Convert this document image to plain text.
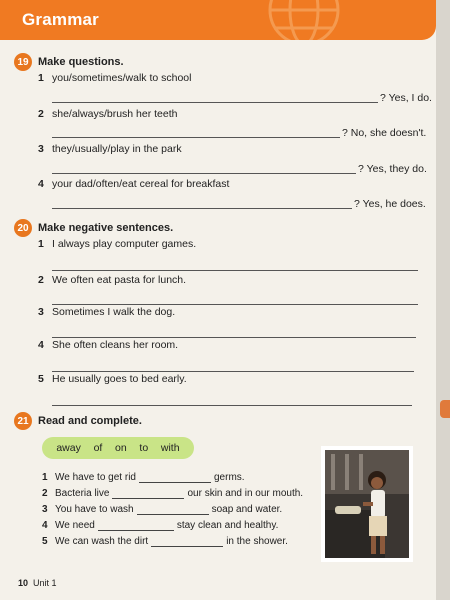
Grammar
19 Make questions.
1 you/sometimes/walk to school
? Yes, I do.
2 she/always/brush her teeth
? No, she doesn't.
3 they/usually/play in the park
? Yes, they do.
4 your dad/often/eat cereal for breakfast
? Yes, he does.
20 Make negative sentences.
1 I always play computer games.
2 We often eat pasta for lunch.
3 Sometimes I walk the dog.
4 She often cleans her room.
5 He usually goes to bed early.
21 Read and complete.
away of on to with
1 We have to get rid	germs.
2 Bacteria live	our skin and in our mouth.
3 You have to wash	soap and water.
4 We need	stay clean and healthy.
5 We can wash the dirt	in the shower.
10 Unit 1
